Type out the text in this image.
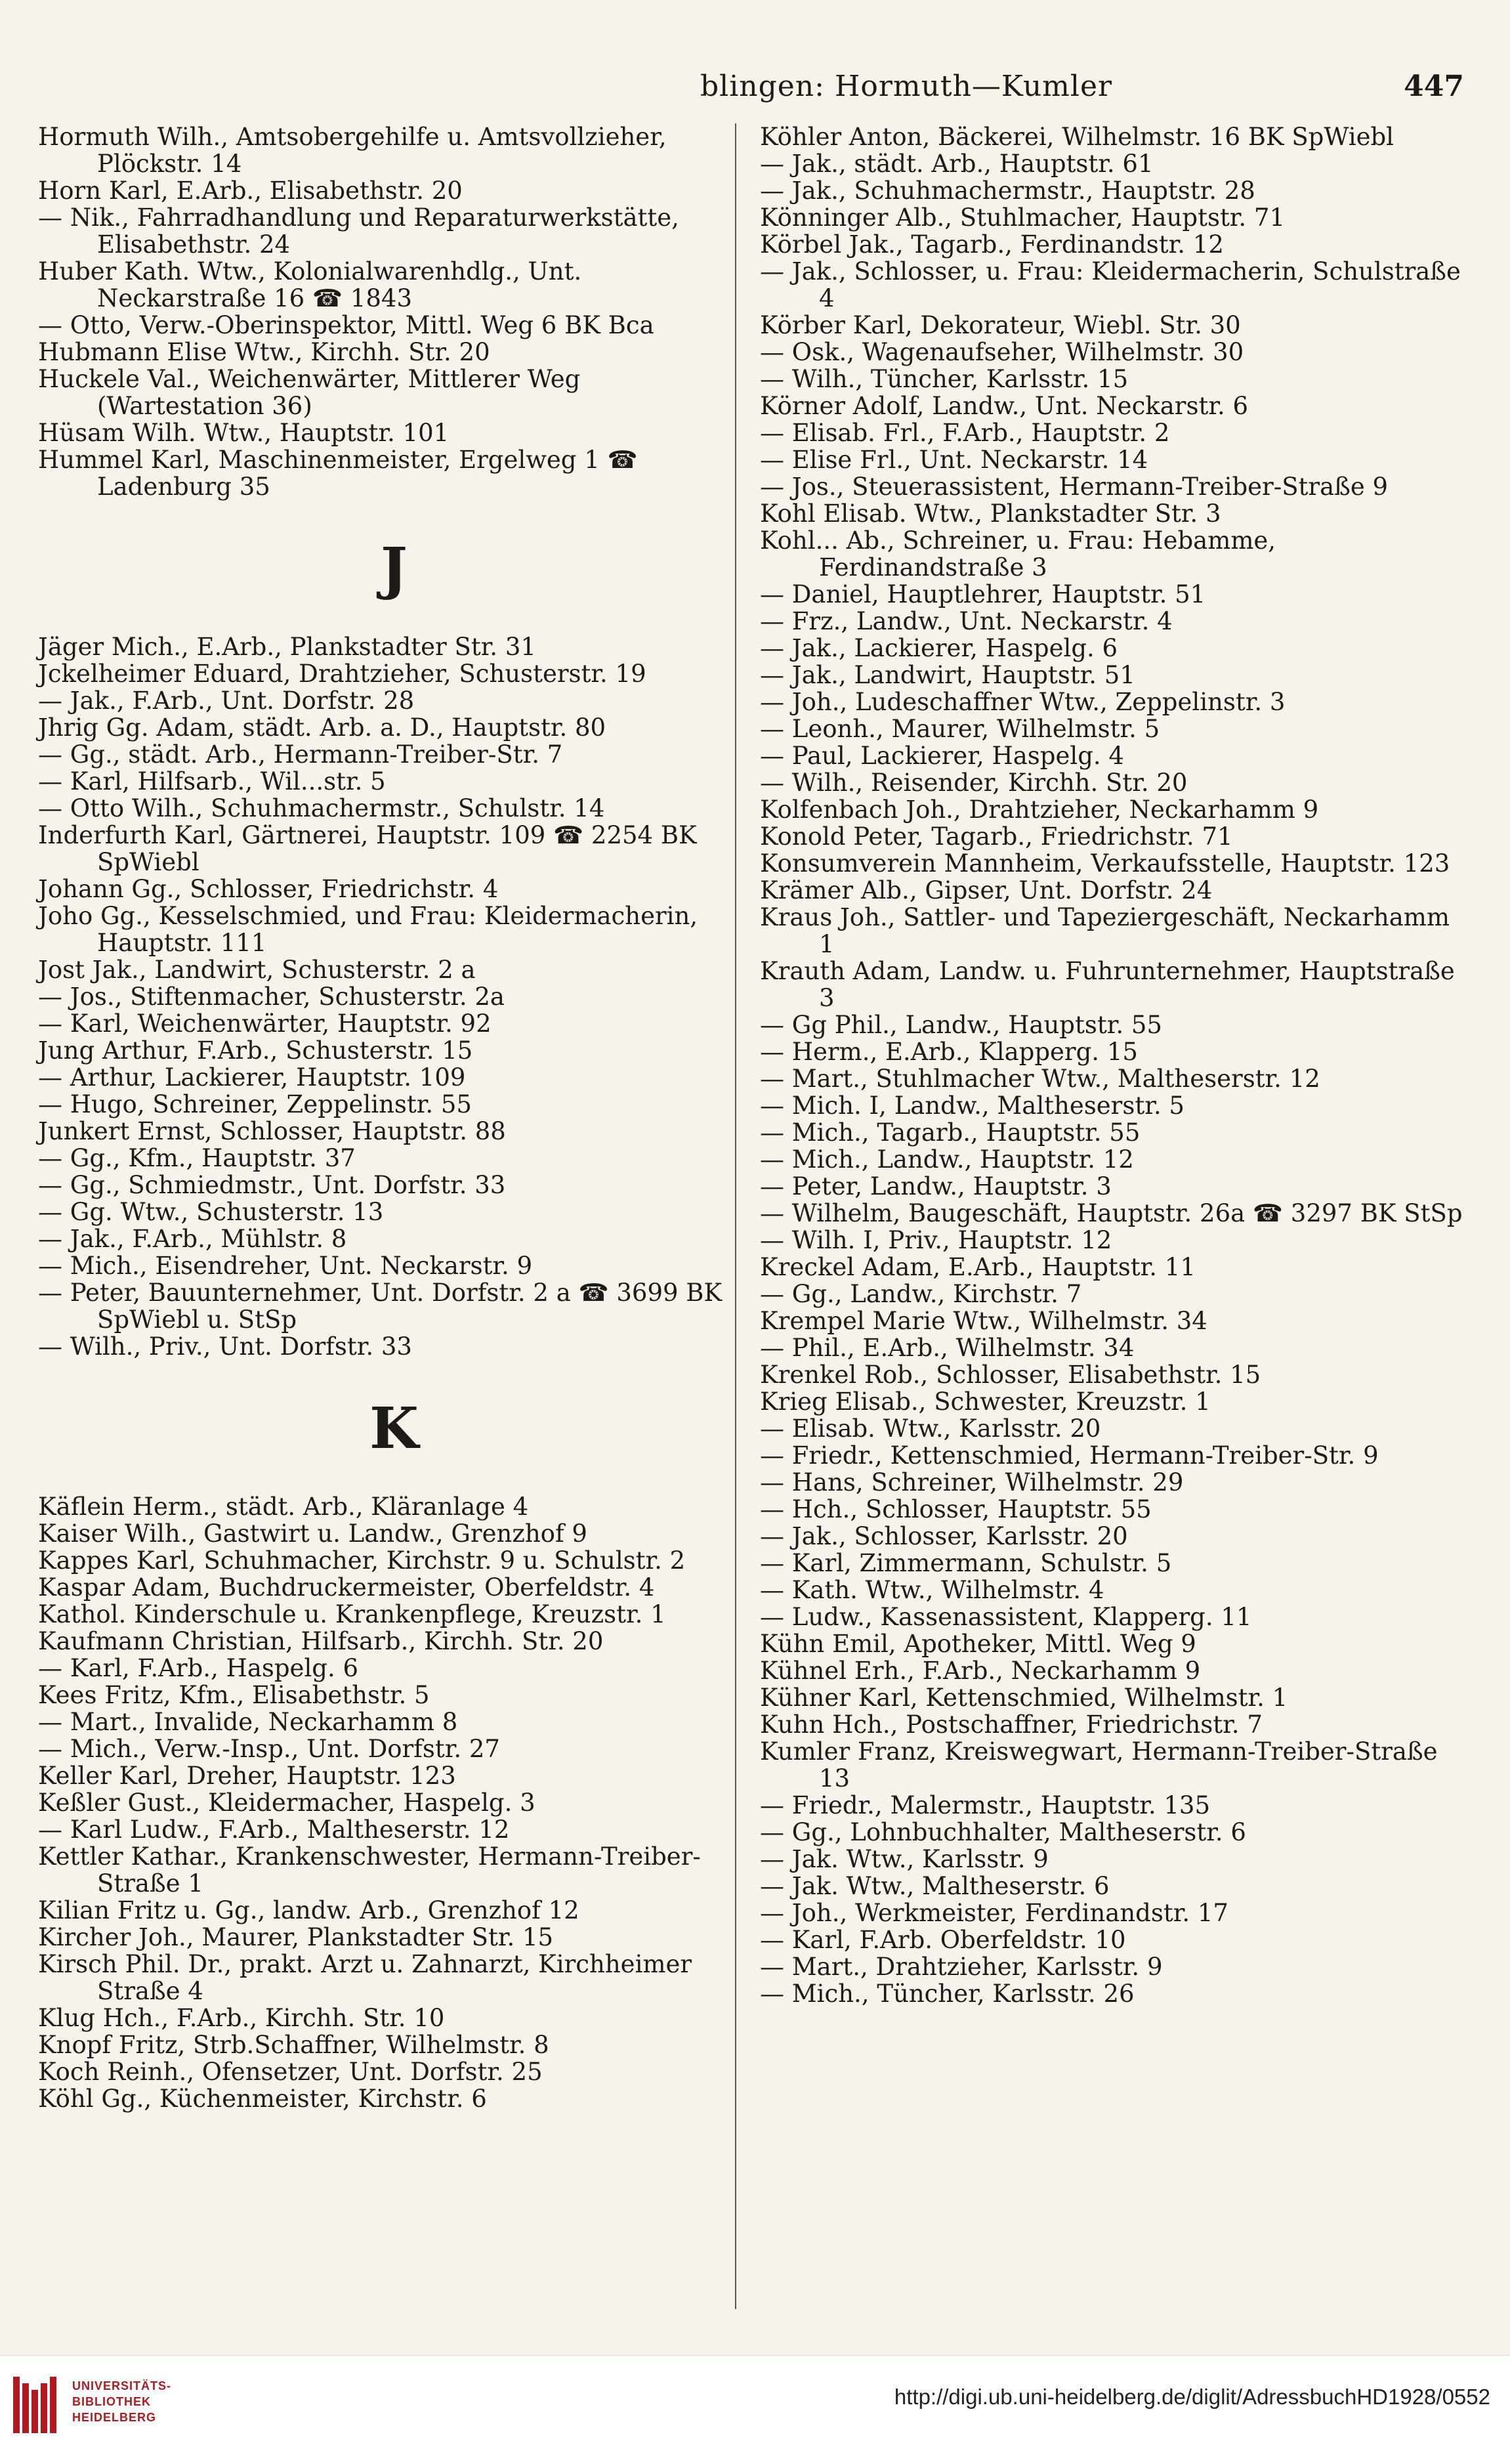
blingen: Hormuth—Kumler	447
Hormuth Wilh., Amtsobergehilfe u. Amtsvollzieher, Plöckstr. 14
Horn Karl, E.Arb., Elisabethstr. 20
— Nik., Fahrradhandlung und Reparaturwerkstätte, Elisabethstr. 24
Huber Kath. Wtw., Kolonialwarenhdlg., Unt. Neckarstraße 16 ☎ 1843
— Otto, Verw.-Oberinspektor, Mittl. Weg 6 BK Bca
Hubmann Elise Wtw., Kirchh. Str. 20
Huckele Val., Weichenwärter, Mittlerer Weg (Wartestation 36)
Hüsam Wilh. Wtw., Hauptstr. 101
Hummel Karl, Maschinenmeister, Ergelweg 1 ☎ Ladenburg 35
J
Jäger Mich., E.Arb., Plankstadter Str. 31
Jckelheimer Eduard, Drahtzieher, Schusterstr. 19
— Jak., F.Arb., Unt. Dorfstr. 28
Jhrig Gg. Adam, städt. Arb. a. D., Hauptstr. 80
— Gg., städt. Arb., Hermann-Treiber-Str. 7
— Karl, Hilfsarb., Wil...str. 5
— Otto Wilh., Schuhmachermstr., Schulstr. 14
Inderfurth Karl, Gärtnerei, Hauptstr. 109 ☎ 2254 BK SpWiebl
Johann Gg., Schlosser, Friedrichstr. 4
Joho Gg., Kesselschmied, und Frau: Kleidermacherin, Hauptstr. 111
Jost Jak., Landwirt, Schusterstr. 2 a
— Jos., Stiftenmacher, Schusterstr. 2a
— Karl, Weichenwärter, Hauptstr. 92
Jung Arthur, F.Arb., Schusterstr. 15
— Arthur, Lackierer, Hauptstr. 109
— Hugo, Schreiner, Zeppelinstr. 55
Junkert Ernst, Schlosser, Hauptstr. 88
— Gg., Kfm., Hauptstr. 37
— Gg., Schmiedmstr., Unt. Dorfstr. 33
— Gg. Wtw., Schusterstr. 13
— Jak., F.Arb., Mühlstr. 8
— Mich., Eisendreher, Unt. Neckarstr. 9
— Peter, Bauunternehmer, Unt. Dorfstr. 2 a ☎ 3699 BK SpWiebl u. StSp
— Wilh., Priv., Unt. Dorfstr. 33
K
Käflein Herm., städt. Arb., Kläranlage 4
Kaiser Wilh., Gastwirt u. Landw., Grenzhof 9
Kappes Karl, Schuhmacher, Kirchstr. 9 u. Schulstr. 2
Kaspar Adam, Buchdruckermeister, Oberfeldstr. 4
Kathol. Kinderschule u. Krankenpflege, Kreuzstr. 1
Kaufmann Christian, Hilfsarb., Kirchh. Str. 20
— Karl, F.Arb., Haspelg. 6
Kees Fritz, Kfm., Elisabethstr. 5
— Mart., Invalide, Neckarhamm 8
— Mich., Verw.-Insp., Unt. Dorfstr. 27
Keller Karl, Dreher, Hauptstr. 123
Keßler Gust., Kleidermacher, Haspelg. 3
— Karl Ludw., F.Arb., Maltheserstr. 12
Kettler Kathar., Krankenschwester, Hermann-Treiber-Straße 1
Kilian Fritz u. Gg., landw. Arb., Grenzhof 12
Kircher Joh., Maurer, Plankstadter Str. 15
Kirsch Phil. Dr., prakt. Arzt u. Zahnarzt, Kirchheimer Straße 4
Klug Hch., F.Arb., Kirchh. Str. 10
Knopf Fritz, Strb.Schaffner, Wilhelmstr. 8
Koch Reinh., Ofensetzer, Unt. Dorfstr. 25
Köhl Gg., Küchenmeister, Kirchstr. 6
Köhler Anton, Bäckerei, Wilhelmstr. 16 BK SpWiebl
— Jak., städt. Arb., Hauptstr. 61
— Jak., Schuhmachermstr., Hauptstr. 28
Könninger Alb., Stuhlmacher, Hauptstr. 71
Körbel Jak., Tagarb., Ferdinandstr. 12
— Jak., Schlosser, u. Frau: Kleidermacherin, Schulstraße 4
Körber Karl, Dekorateur, Wiebl. Str. 30
— Osk., Wagenaufseher, Wilhelmstr. 30
— Wilh., Tüncher, Karlsstr. 15
Körner Adolf, Landw., Unt. Neckarstr. 6
— Elisab. Frl., F.Arb., Hauptstr. 2
— Elise Frl., Unt. Neckarstr. 14
— Jos., Steuerassistent, Hermann-Treiber-Straße 9
Kohl Elisab. Wtw., Plankstadter Str. 3
Kohl... Ab., Schreiner, u. Frau: Hebamme, Ferdinandstraße 3
— Daniel, Hauptlehrer, Hauptstr. 51
— Frz., Landw., Unt. Neckarstr. 4
— Jak., Lackierer, Haspelg. 6
— Jak., Landwirt, Hauptstr. 51
— Joh., Ludeschaffner Wtw., Zeppelinstr. 3
— Leonh., Maurer, Wilhelmstr. 5
— Paul, Lackierer, Haspelg. 4
— Wilh., Reisender, Kirchh. Str. 20
Kolfenbach Joh., Drahtzieher, Neckarhamm 9
Konold Peter, Tagarb., Friedrichstr. 71
Konsumverein Mannheim, Verkaufsstelle, Hauptstr. 123
Krämer Alb., Gipser, Unt. Dorfstr. 24
Kraus Joh., Sattler- und Tapeziergeschäft, Neckarhamm 1
Krauth Adam, Landw. u. Fuhrunternehmer, Hauptstraße 3
— Gg Phil., Landw., Hauptstr. 55
— Herm., E.Arb., Klapperg. 15
— Mart., Stuhlmacher Wtw., Maltheserstr. 12
— Mich. I, Landw., Maltheserstr. 5
— Mich., Tagarb., Hauptstr. 55
— Mich., Landw., Hauptstr. 12
— Peter, Landw., Hauptstr. 3
— Wilhelm, Baugeschäft, Hauptstr. 26a ☎ 3297 BK StSp
— Wilh. I, Priv., Hauptstr. 12
Kreckel Adam, E.Arb., Hauptstr. 11
— Gg., Landw., Kirchstr. 7
Krempel Marie Wtw., Wilhelmstr. 34
— Phil., E.Arb., Wilhelmstr. 34
Krenkel Rob., Schlosser, Elisabethstr. 15
Krieg Elisab., Schwester, Kreuzstr. 1
— Elisab. Wtw., Karlsstr. 20
— Friedr., Kettenschmied, Hermann-Treiber-Str. 9
— Hans, Schreiner, Wilhelmstr. 29
— Hch., Schlosser, Hauptstr. 55
— Jak., Schlosser, Karlsstr. 20
— Karl, Zimmermann, Schulstr. 5
— Kath. Wtw., Wilhelmstr. 4
— Ludw., Kassenassistent, Klapperg. 11
Kühn Emil, Apotheker, Mittl. Weg 9
Kühnel Erh., F.Arb., Neckarhamm 9
Kühner Karl, Kettenschmied, Wilhelmstr. 1
Kuhn Hch., Postschaffner, Friedrichstr. 7
Kumler Franz, Kreiswegwart, Hermann-Treiber-Straße 13
— Friedr., Malermstr., Hauptstr. 135
— Gg., Lohnbuchhalter, Maltheserstr. 6
— Jak. Wtw., Karlsstr. 9
— Jak. Wtw., Maltheserstr. 6
— Joh., Werkmeister, Ferdinandstr. 17
— Karl, F.Arb. Oberfeldstr. 10
— Mart., Drahtzieher, Karlsstr. 9
— Mich., Tüncher, Karlsstr. 26
UNIVERSITÄTS-
BIBLIOTHEK
HEIDELBERG
http://digi.ub.uni-heidelberg.de/diglit/AdressbuchHD1928/0552
